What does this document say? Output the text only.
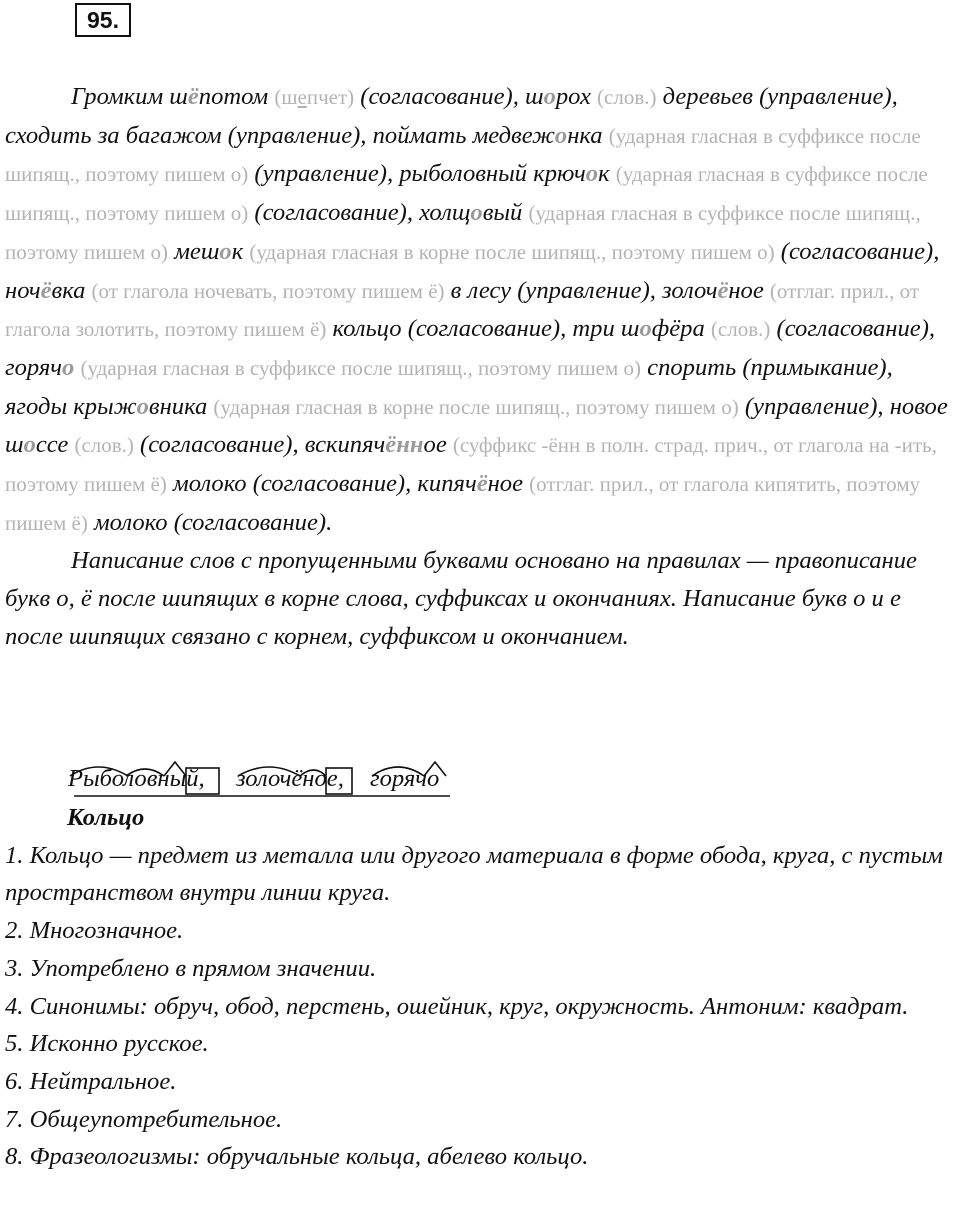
95.
Громким шёпотом (шепчет) (согласование), шорох (слов.) деревьев (управление), сходить за багажом (управление), поймать медвежонка (ударная гласная в суффиксе после шипящ., поэтому пишем о) (управление), рыболовный крючок (ударная гласная в суффиксе после шипящ., поэтому пишем о) (согласование), холщовый (ударная гласная в суффиксе после шипящ., поэтому пишем о) мешок (ударная гласная в корне после шипящ., поэтому пишем о) (согласование), ночёвка (от глагола ночевать, поэтому пишем ё) в лесу (управление), золочёное (отглаг. прил., от глагола золотить, поэтому пишем ё) кольцо (согласование), три шофёра (слов.) (согласование), горячо (ударная гласная в суффиксе после шипящ., поэтому пишем о) спорить (примыкание), ягоды крыжовника (ударная гласная в корне после шипящ., поэтому пишем о) (управление), новое шоссе (слов.) (согласование), вскипячённое (суффикс -ённ в полн. страд. прич., от глагола на -ить, поэтому пишем ё) молоко (согласование), кипячёное (отглаг. прил., от глагола кипятить, поэтому пишем ё) молоко (согласование).
Написание слов с пропущенными буквами основано на правилах — правописание букв о, ё после шипящих в корне слова, суффиксах и окончаниях. Написание букв о и е после шипящих связано с корнем, суффиксом и окончанием.
Рыболовный, золочёное, горячо
Кольцо
1. Кольцо — предмет из металла или другого материала в форме обода, круга, с пустым пространством внутри линии круга.
2. Многозначное.
3. Употреблено в прямом значении.
4. Синонимы: обруч, обод, перстень, ошейник, круг, окружность. Антоним: квадрат.
5. Исконно русское.
6. Нейтральное.
7. Общеупотребительное.
8. Фразеологизмы: обручальные кольца, абелево кольцо.
